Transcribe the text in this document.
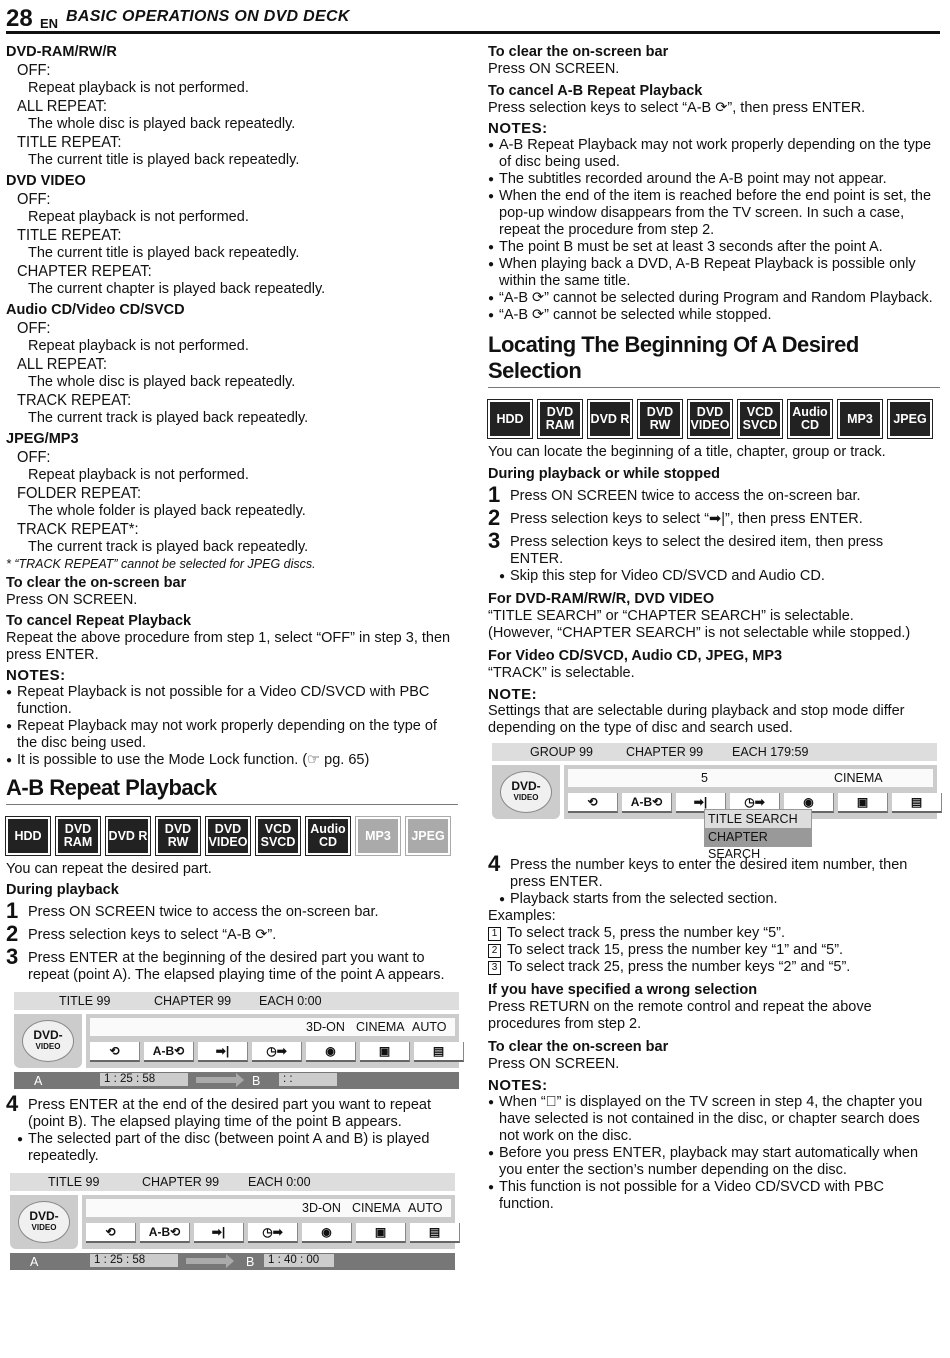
28 EN BASIC OPERATIONS ON DVD DECK
DVD-RAM/RW/R
OFF:
Repeat playback is not performed.
ALL REPEAT:
The whole disc is played back repeatedly.
TITLE REPEAT:
The current title is played back repeatedly.
DVD VIDEO
OFF:
Repeat playback is not performed.
TITLE REPEAT:
The current title is played back repeatedly.
CHAPTER REPEAT:
The current chapter is played back repeatedly.
Audio CD/Video CD/SVCD
OFF:
Repeat playback is not performed.
ALL REPEAT:
The whole disc is played back repeatedly.
TRACK REPEAT:
The current track is played back repeatedly.
JPEG/MP3
OFF:
Repeat playback is not performed.
FOLDER REPEAT:
The whole folder is played back repeatedly.
TRACK REPEAT*:
The current track is played back repeatedly.
* “TRACK REPEAT” cannot be selected for JPEG discs.
To clear the on-screen bar
Press ON SCREEN.
To cancel Repeat Playback
Repeat the above procedure from step 1, select “OFF” in step 3, then press ENTER.
NOTES:
● Repeat Playback is not possible for a Video CD/SVCD with PBC function.
● Repeat Playback may not work properly depending on the type of the disc being used.
● It is possible to use the Mode Lock function. (☞ pg. 65)
A-B Repeat Playback
HDD	DVD RAM	DVD R	DVD RW
DVD VIDEO
VCD SVCD
Audio CD	MP3	JPEG
You can repeat the desired part.
During playback
1 Press ON SCREEN twice to access the on-screen bar.
2 Press selection keys to select “A-B ⟳”.
3 Press ENTER at the beginning of the desired part you want to repeat (point A). The elapsed playing time of the point A appears.
TITLE 99	CHAPTER 99 EACH 0:00
DVD-
VIDEO
3D-ON CINEMA AUTO
⟲	A-B⟲	➡|	◷➡	◉	▣	▤
A	1 : 25 : 58	B	: :
4 Press ENTER at the end of the desired part you want to repeat (point B). The elapsed playing time of the point B appears.
● The selected part of the disc (between point A and B) is played repeatedly.
TITLE 99	CHAPTER 99 EACH 0:00
DVD-
VIDEO
3D-ON CINEMA AUTO
⟲	A-B⟲	➡|	◷➡	◉	▣	▤
A	1 : 25 : 58	B	1 : 40 : 00
To clear the on-screen bar
Press ON SCREEN.
To cancel A-B Repeat Playback
Press selection keys to select “A-B ⟳”, then press ENTER.
NOTES:
● A-B Repeat Playback may not work properly depending on the type of disc being used.
● The subtitles recorded around the A-B point may not appear.
● When the end of the item is reached before the end point is set, the pop-up window disappears from the TV screen. In such a case, repeat the procedure from step 2.
● The point B must be set at least 3 seconds after the point A.
● When playing back a DVD, A-B Repeat Playback is possible only within the same title.
● “A-B ⟳” cannot be selected during Program and Random Playback.
● “A-B ⟳” cannot be selected while stopped.
Locating The Beginning Of A Desired Selection
HDD	DVD RAM	DVD R	DVD RW
DVD VIDEO
VCD SVCD
Audio CD	MP3	JPEG
You can locate the beginning of a title, chapter, group or track.
During playback or while stopped
1 Press ON SCREEN twice to access the on-screen bar.
2 Press selection keys to select “➡|”, then press ENTER.
3 Press selection keys to select the desired item, then press ENTER.
● Skip this step for Video CD/SVCD and Audio CD.
For DVD-RAM/RW/R, DVD VIDEO
“TITLE SEARCH” or “CHAPTER SEARCH” is selectable.
(However, “CHAPTER SEARCH” is not selectable while stopped.)
For Video CD/SVCD, Audio CD, JPEG, MP3
“TRACK” is selectable.
NOTE:
Settings that are selectable during playback and stop mode differ depending on the type of disc and search used.
GROUP 99	CHAPTER 99 EACH 179:59
DVD-
VIDEO
5	CINEMA
⟲	A-B⟲	➡|	◷➡	◉	▣	▤
TITLE SEARCH
CHAPTER SEARCH
4 Press the number keys to enter the desired item number, then press ENTER.
● Playback starts from the selected section.
Examples:
1 To select track 5, press the number key “5”.
2 To select track 15, press the number key “1” and “5”.
3 To select track 25, press the number keys “2” and “5”.
If you have specified a wrong selection
Press RETURN on the remote control and repeat the above procedures from step 2.
To clear the on-screen bar
Press ON SCREEN.
NOTES:
● When “⃠” is displayed on the TV screen in step 4, the chapter you have selected is not contained in the disc, or chapter search does not work on the disc.
● Before you press ENTER, playback may start automatically when you enter the section’s number depending on the disc.
● This function is not possible for a Video CD/SVCD with PBC function.
